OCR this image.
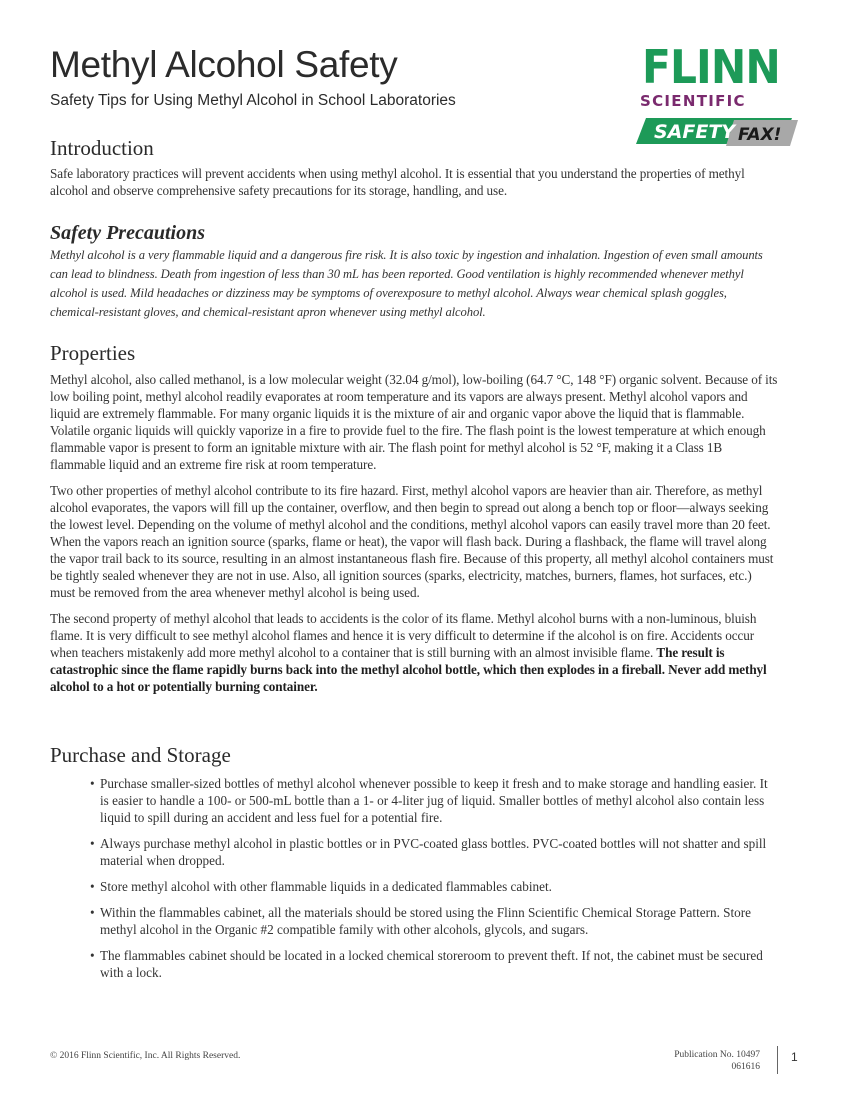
Methyl Alcohol Safety
Safety Tips for Using Methyl Alcohol in School Laboratories
FLINN
SCIENTIFIC
SAFETY FAX!
Introduction

Safe laboratory practices will prevent accidents when using methyl alcohol. It is essential that you understand the properties of methyl alcohol and observe comprehensive safety precautions for its storage, handling, and use.

Safety Precautions

Methyl alcohol is a very flammable liquid and a dangerous fire risk. It is also toxic by ingestion and inhalation. Ingestion of even small amounts can lead to blindness. Death from ingestion of less than 30 mL has been reported. Good ventilation is highly recommended whenever methyl alcohol is used. Mild headaches or dizziness may be symptoms of overexposure to methyl alcohol. Always wear chemical splash goggles, chemical-resistant gloves, and chemical-resistant apron whenever using methyl alcohol.

Properties

Methyl alcohol, also called methanol, is a low molecular weight (32.04 g/mol), low-boiling (64.7 °C, 148 °F) organic solvent. Because of its low boiling point, methyl alcohol readily evaporates at room temperature and its vapors are always present. Methyl alcohol vapors and liquid are extremely flammable. For many organic liquids it is the mixture of air and organic vapor above the liquid that is flammable. Volatile organic liquids will quickly vaporize in a fire to provide fuel to the fire. The flash point is the lowest temperature at which enough flammable vapor is present to form an ignitable mixture with air. The flash point for methyl alcohol is 52 °F, making it a Class 1B flammable liquid and an extreme fire risk at room temperature.

Two other properties of methyl alcohol contribute to its fire hazard. First, methyl alcohol vapors are heavier than air. Therefore, as methyl alcohol evaporates, the vapors will fill up the container, overflow, and then begin to spread out along a bench top or floor—always seeking the lowest level. Depending on the volume of methyl alcohol and the conditions, methyl alcohol vapors can easily travel more than 20 feet. When the vapors reach an ignition source (sparks, flame or heat), the vapor will flash back. During a flashback, the flame will travel along the vapor trail back to its source, resulting in an almost instantaneous flash fire. Because of this property, all methyl alcohol containers must be tightly sealed whenever they are not in use. Also, all ignition sources (sparks, electricity, matches, burners, flames, hot surfaces, etc.) must be removed from the area whenever methyl alcohol is being used.

The second property of methyl alcohol that leads to accidents is the color of its flame. Methyl alcohol burns with a non-luminous, bluish flame. It is very difficult to see methyl alcohol flames and hence it is very difficult to determine if the alcohol is on fire. Accidents occur when teachers mistakenly add more methyl alcohol to a container that is still burning with an almost invisible flame. The result is catastrophic since the flame rapidly burns back into the methyl alcohol bottle, which then explodes in a fireball. Never add methyl alcohol to a hot or potentially burning container.

Purchase and Storage
• Purchase smaller-sized bottles of methyl alcohol whenever possible to keep it fresh and to make storage and handling easier. It is easier to handle a 100- or 500-mL bottle than a 1- or 4-liter jug of liquid. Smaller bottles of methyl alcohol also contain less liquid to spill during an accident and less fuel for a potential fire.
• Always purchase methyl alcohol in plastic bottles or in PVC-coated glass bottles. PVC-coated bottles will not shatter and spill material when dropped.
• Store methyl alcohol with other flammable liquids in a dedicated flammables cabinet.
• Within the flammables cabinet, all the materials should be stored using the Flinn Scientific Chemical Storage Pattern. Store methyl alcohol in the Organic #2 compatible family with other alcohols, glycols, and sugars.
• The flammables cabinet should be located in a locked chemical storeroom to prevent theft. If not, the cabinet must be secured with a lock.
© 2016 Flinn Scientific, Inc. All Rights Reserved.	Publication No. 10497
061616
1
